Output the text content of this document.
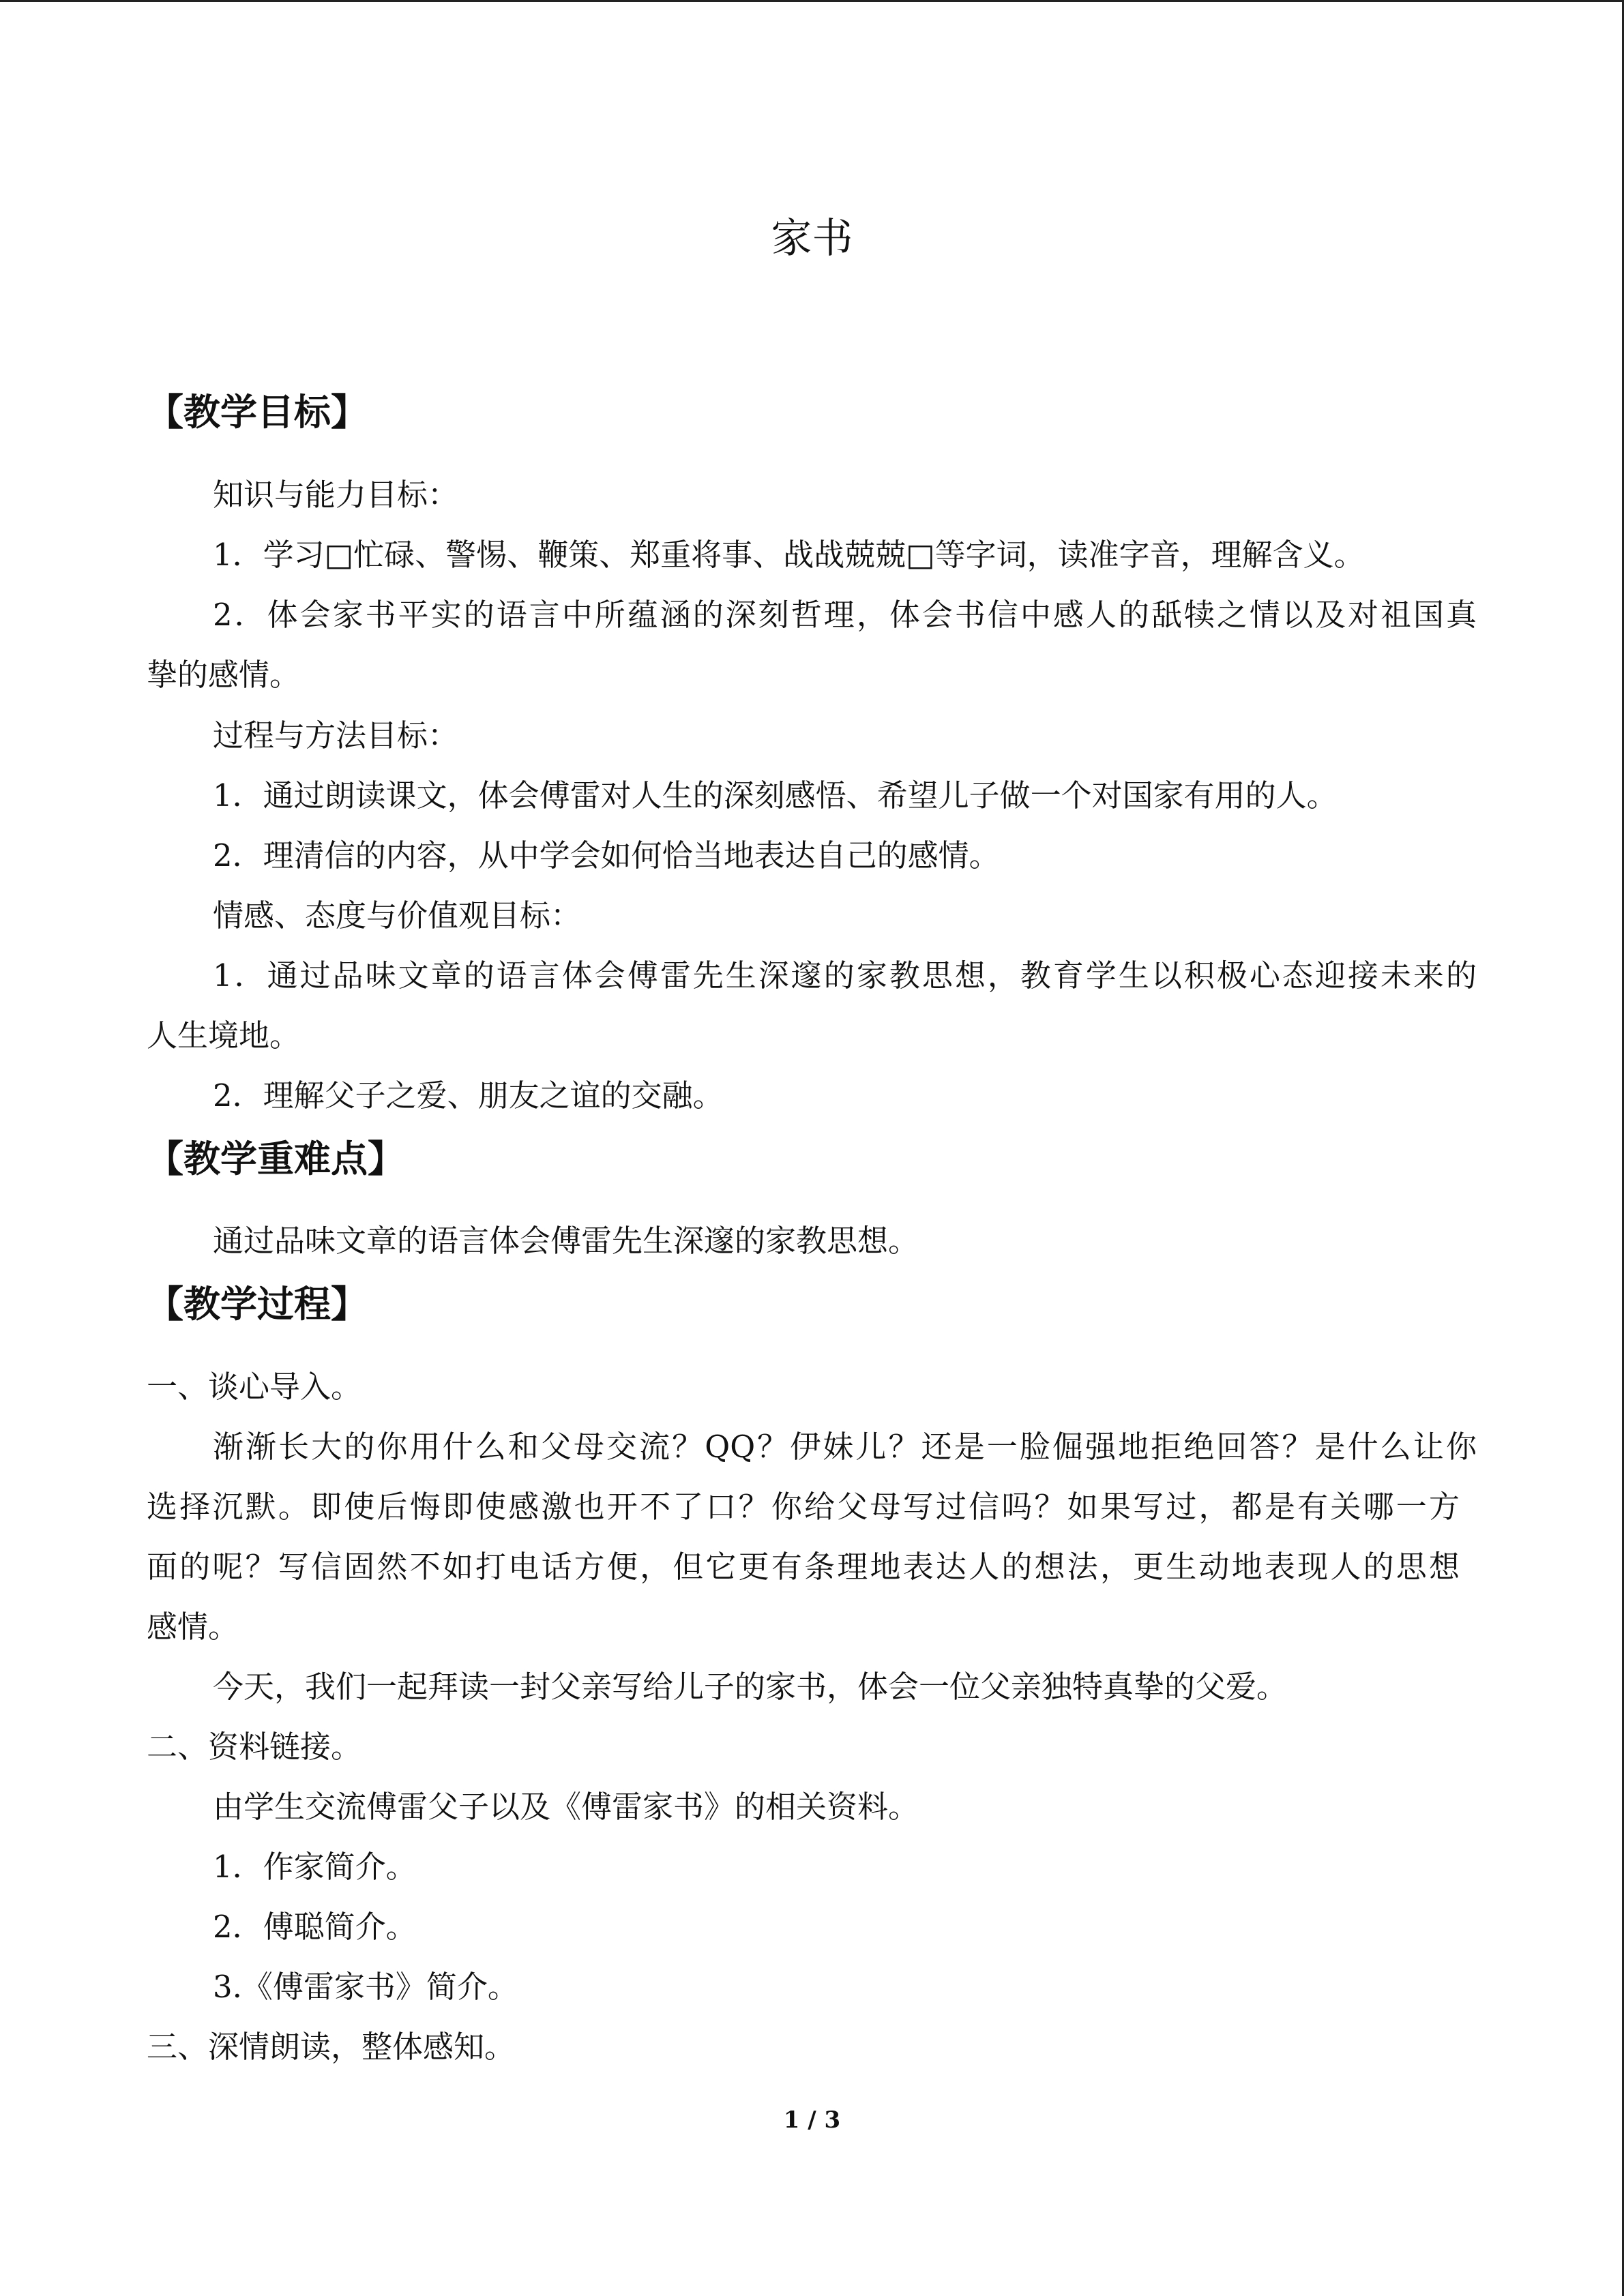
家书
【教学目标】
知识与能力目标：
1．学习□忙碌、警惕、鞭策、郑重将事、战战兢兢□等字词，读准字音，理解含义。
2．体会家书平实的语言中所蕴涵的深刻哲理，体会书信中感人的舐犊之情以及对祖国真
挚的感情。
过程与方法目标：
1．通过朗读课文，体会傅雷对人生的深刻感悟、希望儿子做一个对国家有用的人。
2．理清信的内容，从中学会如何恰当地表达自己的感情。
情感、态度与价值观目标：
1．通过品味文章的语言体会傅雷先生深邃的家教思想，教育学生以积极心态迎接未来的
人生境地。
2．理解父子之爱、朋友之谊的交融。
【教学重难点】
通过品味文章的语言体会傅雷先生深邃的家教思想。
【教学过程】
一、谈心导入。
渐渐长大的你用什么和父母交流？QQ？伊妹儿？还是一脸倔强地拒绝回答？是什么让你
选择沉默。即使后悔即使感激也开不了口？你给父母写过信吗？如果写过，都是有关哪一方
面的呢？写信固然不如打电话方便，但它更有条理地表达人的想法，更生动地表现人的思想
感情。
今天，我们一起拜读一封父亲写给儿子的家书，体会一位父亲独特真挚的父爱。
二、资料链接。
由学生交流傅雷父子以及《傅雷家书》的相关资料。
1．作家简介。
2．傅聪简介。
3.《傅雷家书》简介。
三、深情朗读，整体感知。
1 / 3
